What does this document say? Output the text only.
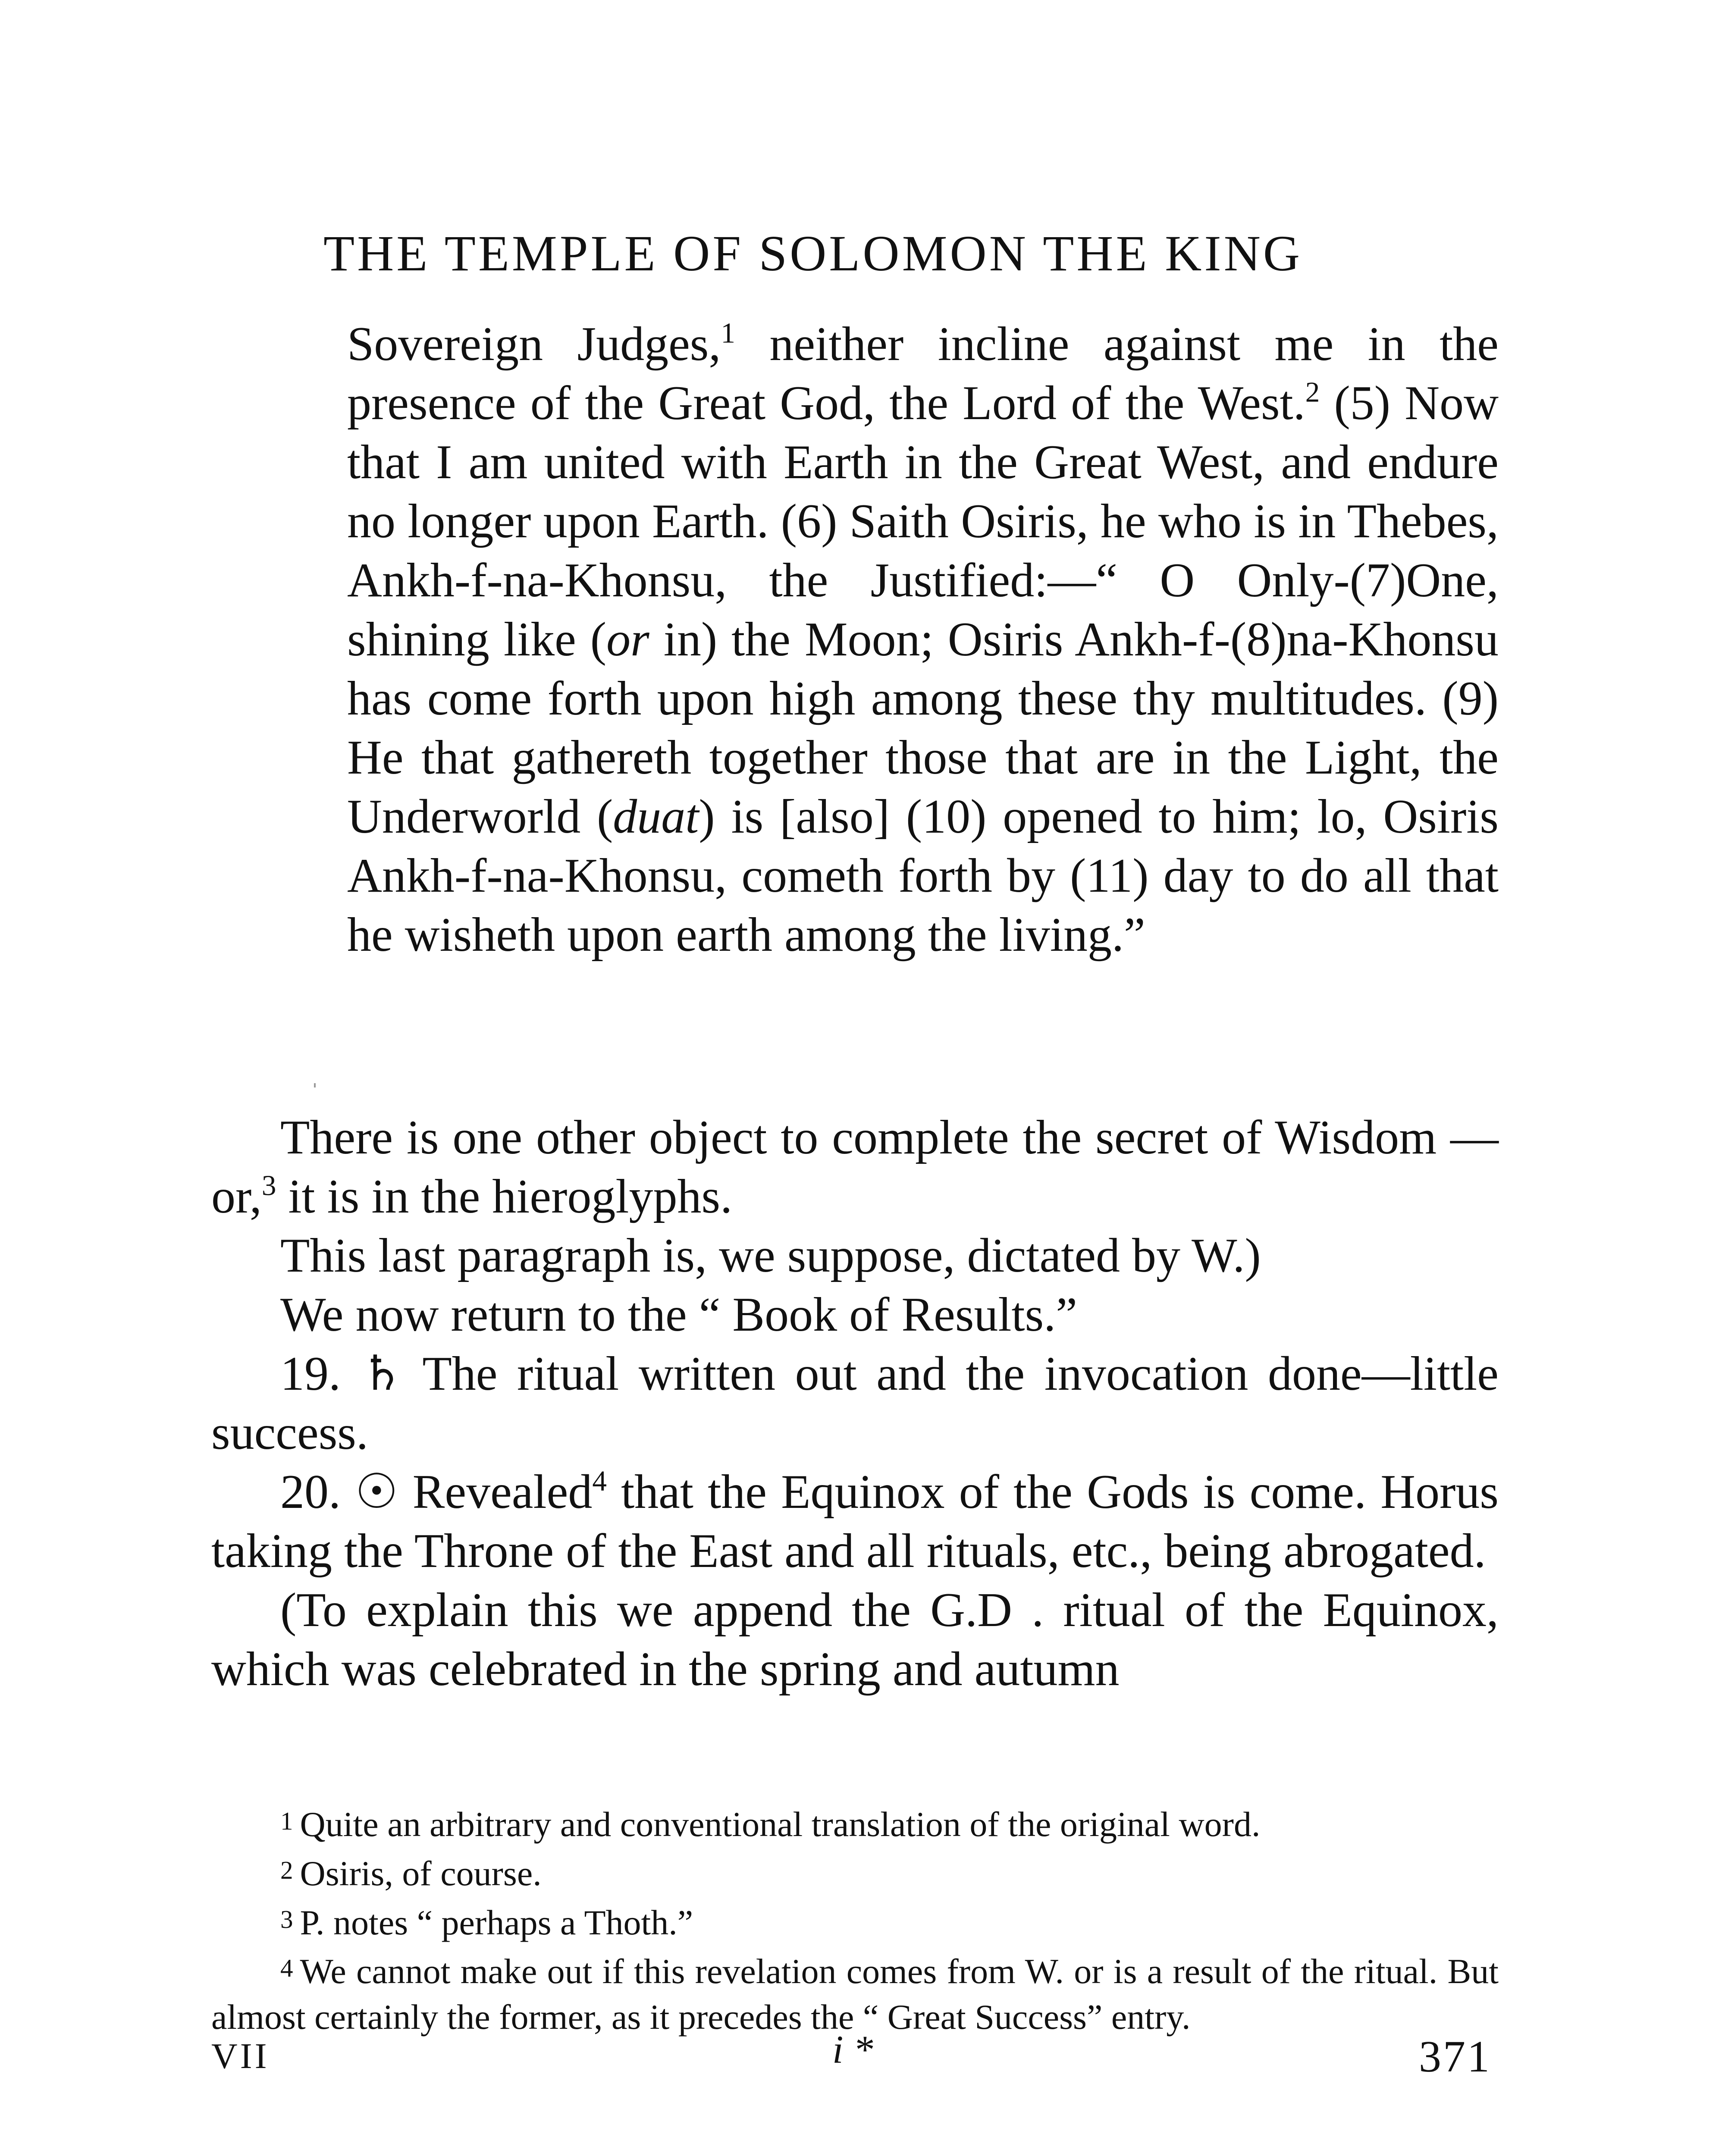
THE TEMPLE OF SOLOMON THE KING

Sovereign Judges,$^1$ neither incline against me in the presence of the Great God, the Lord of the West.$^2$ (5) Now that I am united with Earth in the Great West, and endure no longer upon Earth. (6) Saith Osiris, he who is in Thebes, Ankh-f-na-Khonsu, the Justified:—“ O Only-(7)One, shining like (or in) the Moon; Osiris Ankh-f-(8)na-Khonsu has come forth upon high among these thy multitudes. (9) He that gathereth together those that are in the Light, the Underworld (duat) is [also] (10) opened to him; lo, Osiris Ankh-f-na-Khonsu, cometh forth by (11) day to do all that he wisheth upon earth among the living.”

There is one other object to complete the secret of Wisdom —or,$^3$ it is in the hieroglyphs.

This last paragraph is, we suppose, dictated by W.)

We now return to the “ Book of Results.”

19. ♄ The ritual written out and the invocation done—little success.

20. ☉ Revealed$^4$ that the Equinox of the Gods is come. Horus taking the Throne of the East and all rituals, etc., being abrogated.

(To explain this we append the G.D . ritual of the Equinox, which was celebrated in the spring and autumn

1 Quite an arbitrary and conventional translation of the original word.

2 Osiris, of course.

3 P. notes “ perhaps a Thoth.”

4 We cannot make out if this revelation comes from W. or is a result of the ritual. But almost certainly the former, as it precedes the “ Great Success” entry.

VII	i *	371
